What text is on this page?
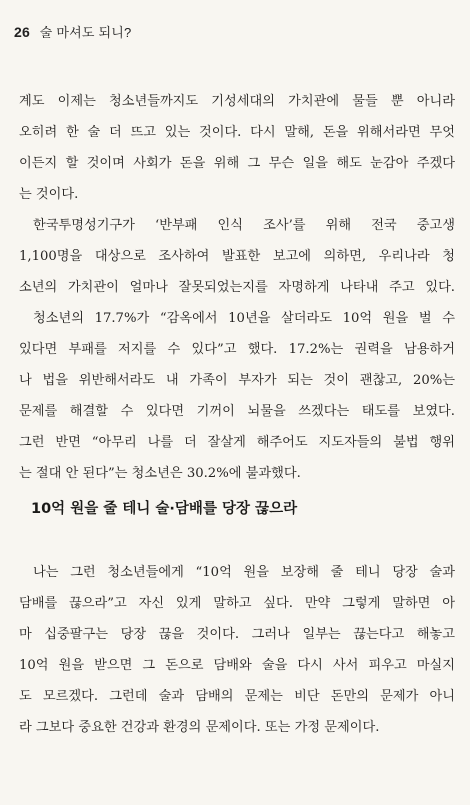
26 술 마셔도 되니?
계도 이제는 청소년들까지도 기성세대의 가치관에 물들 뿐 아니라
오히려 한 술 더 뜨고 있는 것이다. 다시 말해, 돈을 위해서라면 무엇
이든지 할 것이며 사회가 돈을 위해 그 무슨 일을 해도 눈감아 주겠다
는 것이다.
한국투명성기구가 ‘반부패 인식 조사’를 위해 전국 중고생
1,100명을 대상으로 조사하여 발표한 보고에 의하면, 우리나라 청
소년의 가치관이 얼마나 잘못되었는지를 자명하게 나타내 주고 있다.
청소년의 17.7%가 “감옥에서 10년을 살더라도 10억 원을 벌 수
있다면 부패를 저지를 수 있다”고 했다. 17.2%는 권력을 남용하거
나 법을 위반해서라도 내 가족이 부자가 되는 것이 괜찮고, 20%는
문제를 해결할 수 있다면 기꺼이 뇌물을 쓰겠다는 태도를 보였다.
그런 반면 “아무리 나를 더 잘살게 해주어도 지도자들의 불법 행위
는 절대 안 된다”는 청소년은 30.2%에 불과했다.
10억 원을 줄 테니 술·담배를 당장 끊으라
나는 그런 청소년들에게 “10억 원을 보장해 줄 테니 당장 술과
담배를 끊으라”고 자신 있게 말하고 싶다. 만약 그렇게 말하면 아
마 십중팔구는 당장 끊을 것이다. 그러나 일부는 끊는다고 해놓고
10억 원을 받으면 그 돈으로 담배와 술을 다시 사서 피우고 마실지
도 모르겠다. 그런데 술과 담배의 문제는 비단 돈만의 문제가 아니
라 그보다 중요한 건강과 환경의 문제이다. 또는 가정 문제이다.
